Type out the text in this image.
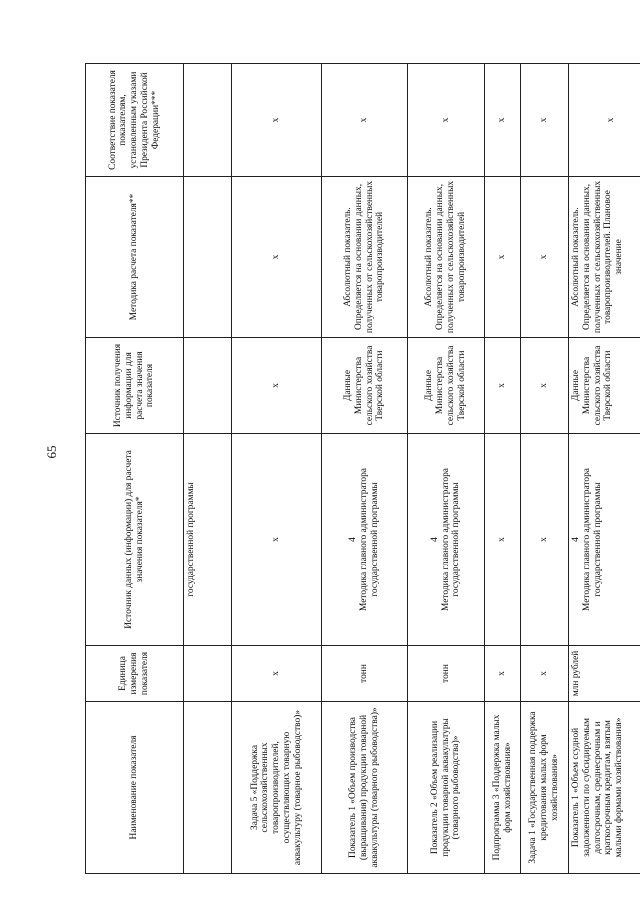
65
Наименование показателя	Единица измерения показателя	Источник данных (информации) для расчета значения показателя*	Источник получения информации для расчета значения показателя	Методика расчета показателя**	Соответствие показателя показателям, установленным указами Президента Российской Федерации***
		государственной программы			
Задача 5 «Поддержка сельскохозяйственных товаропроизводителей, осуществляющих товарную аквакультуру (товарное рыбоводство)»	х	х	х	х	х
Показатель 1 «Объем производства (выращивания) продукции товарной аквакультуры (товарного рыбоводства)»	тонн	4 Методика главного администратора государственной программы	Данные Министерства сельского хозяйства Тверской области	Абсолютный показатель. Определяется на основании данных, полученных от сельскохозяйственных товаропроизводителей	х
Показатель 2 «Объем реализации продукции товарной аквакультуры (товарного рыбоводства)»	тонн	4 Методика главного администратора государственной программы	Данные Министерства сельского хозяйства Тверской области	Абсолютный показатель. Определяется на основании данных, полученных от сельскохозяйственных товаропроизводителей	х
Подпрограмма 3 «Поддержка малых форм хозяйствования»	х	х	х	х	х
Задача 1 «Государственная поддержка кредитования малых форм хозяйствования»	х	х	х	х	х
Показатель 1 «Объем ссудной задолженности по субсидируемым долгосрочным, среднесрочным и краткосрочным кредитам, взятым малыми формами хозяйствования»	млн рублей	4 Методика главного администратора государственной программы	Данные Министерства сельского хозяйства Тверской области	Абсолютный показатель. Определяется на основании данных, полученных от сельскохозяйственных товаропроизводителей. Плановое значение	х
